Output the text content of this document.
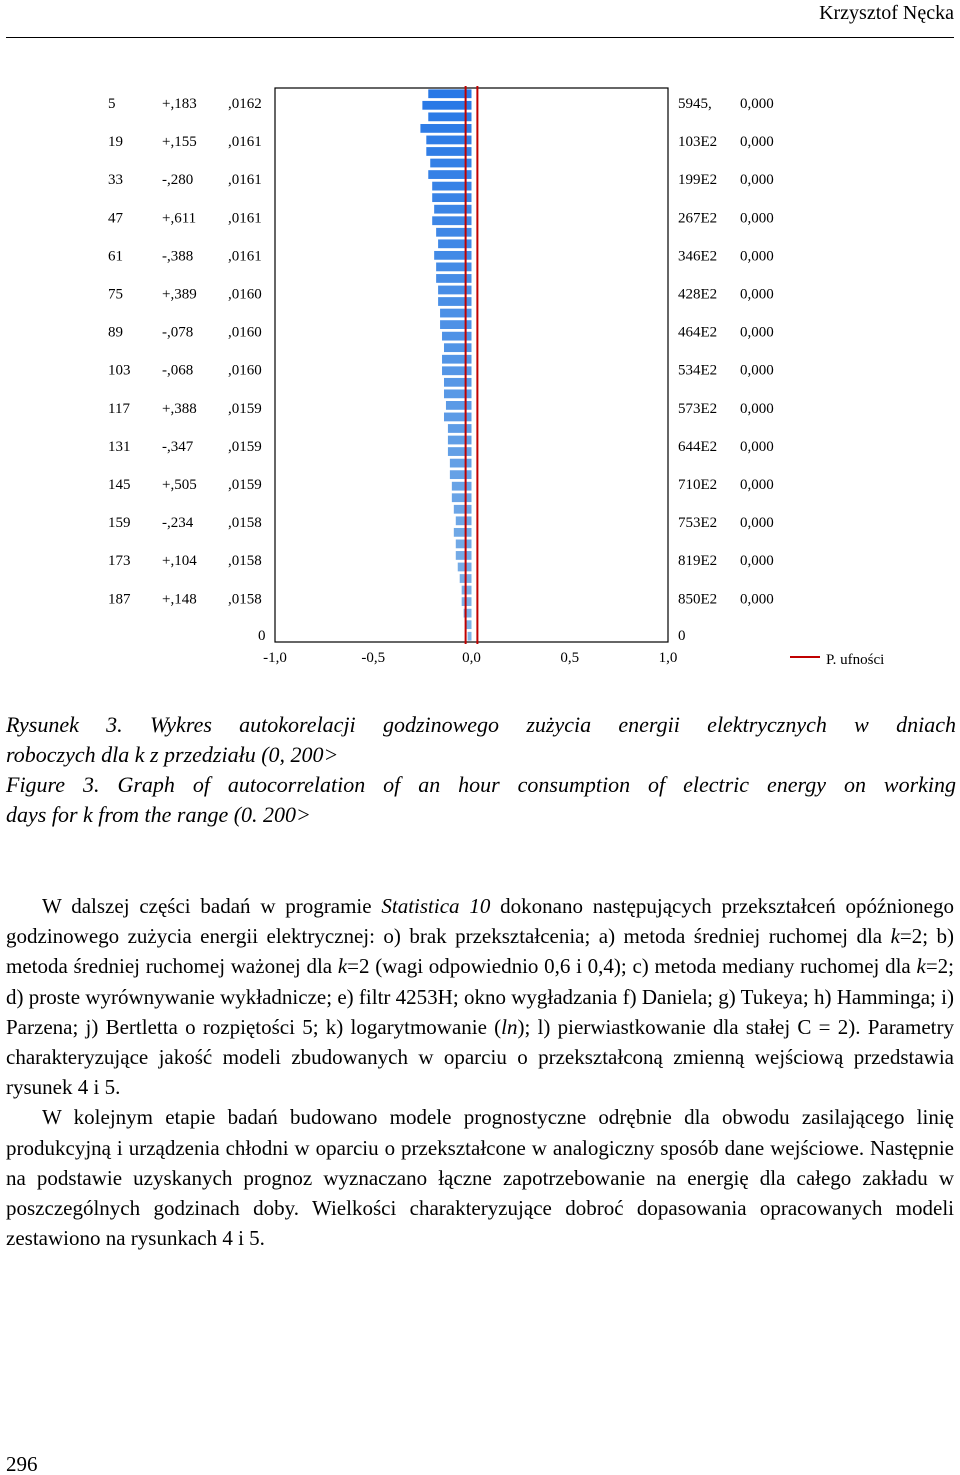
Krzysztof Nęcka
5	+,183 ,0162	5945, 0,000
19	+,155 ,0161	103E2 0,000
33	-,280 ,0161	199E2 0,000
47	+,611 ,0161	267E2 0,000
61	-,388 ,0161	346E2 0,000
75	+,389 ,0160	428E2 0,000
89	-,078 ,0160	464E2 0,000
103 -,068 ,0160	534E2 0,000
117 +,388 ,0159	573E2 0,000
131 -,347 ,0159	644E2 0,000
145 +,505 ,0159	710E2 0,000
159 -,234 ,0158	753E2 0,000
173 +,104 ,0158	819E2 0,000
187 +,148 ,0158	850E2 0,000
0	0
-1,0	-0,5	0,0	0,5	1,0	P. ufności
Rysunek 3. Wykres autokorelacji godzinowego zużycia energii elektrycznych w dniach
roboczych dla k z przedziału (0, 200>
Figure 3. Graph of autocorrelation of an hour consumption of electric energy on working
days for k from the range (0. 200>

W dalszej części badań w programie Statistica 10 dokonano następujących przekształceń opóźnionego godzinowego zużycia energii elektrycznej: o) brak przekształcenia; a) metoda średniej ruchomej dla k=2; b) metoda średniej ruchomej ważonej dla k=2 (wagi odpowiednio 0,6 i 0,4); c) metoda mediany ruchomej dla k=2; d) proste wyrównywanie wykładnicze; e) filtr 4253H; okno wygładzania f) Daniela; g) Tukeya; h) Hamminga; i) Parzena; j) Bertletta o rozpiętości 5; k) logarytmowanie (ln); l) pierwiastkowanie dla stałej C = 2). Parametry charakteryzujące jakość modeli zbudowanych w oparciu o przekształconą zmienną wejściową przedstawia rysunek 4 i 5.

W kolejnym etapie badań budowano modele prognostyczne odrębnie dla obwodu zasilającego linię produkcyjną i urządzenia chłodni w oparciu o przekształcone w analogiczny sposób dane wejściowe. Następnie na podstawie uzyskanych prognoz wyznaczano łączne zapotrzebowanie na energię dla całego zakładu w poszczególnych godzinach doby. Wielkości charakteryzujące dobroć dopasowania opracowanych modeli zestawiono na rysunkach 4 i 5.

296
